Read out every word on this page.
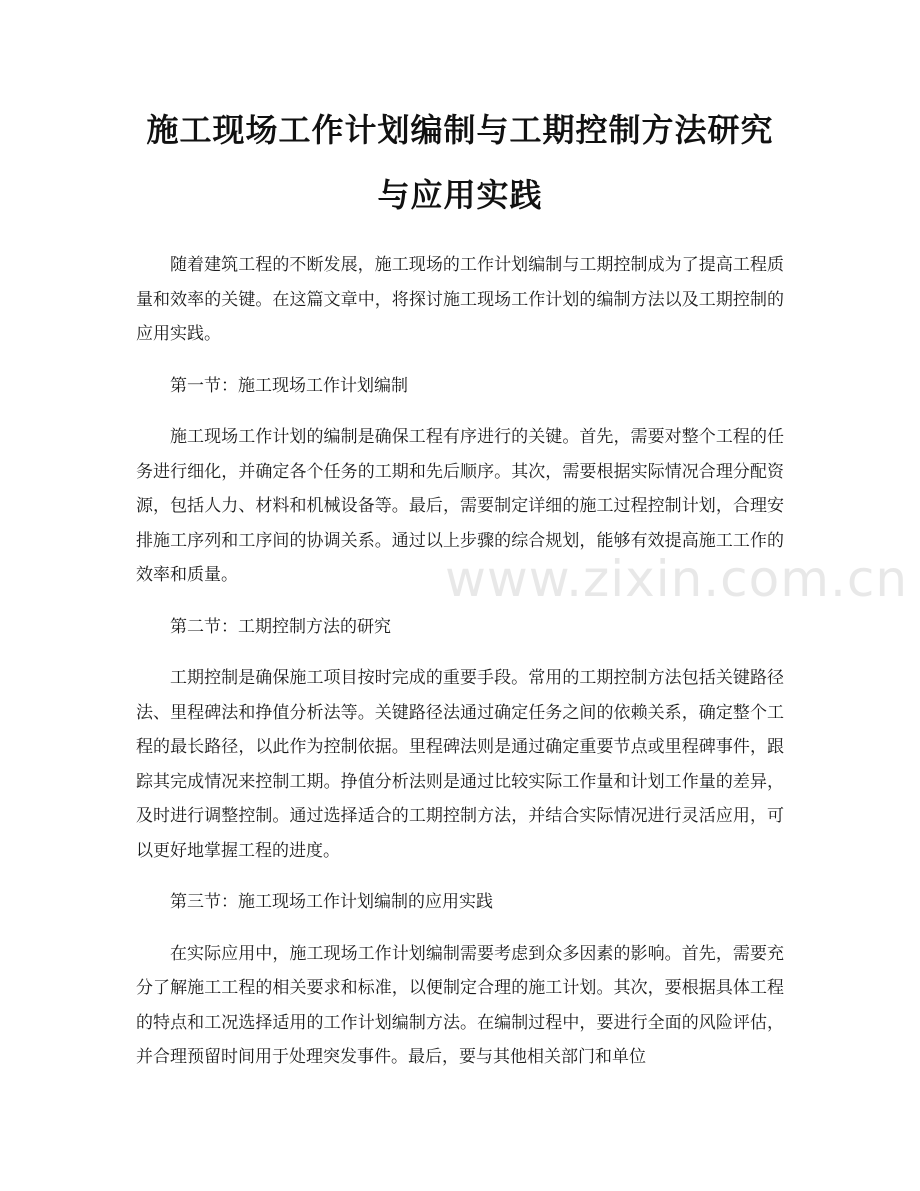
施工现场工作计划编制与工期控制方法研究
与应用实践

随着建筑工程的不断发展，施工现场的工作计划编制与工期控制成为了提高工程质量和效率的关键。在这篇文章中，将探讨施工现场工作计划的编制方法以及工期控制的应用实践。

第一节：施工现场工作计划编制

施工现场工作计划的编制是确保工程有序进行的关键。首先，需要对整个工程的任务进行细化，并确定各个任务的工期和先后顺序。其次，需要根据实际情况合理分配资源，包括人力、材料和机械设备等。最后，需要制定详细的施工过程控制计划，合理安排施工序列和工序间的协调关系。通过以上步骤的综合规划，能够有效提高施工工作的效率和质量。

第二节：工期控制方法的研究

工期控制是确保施工项目按时完成的重要手段。常用的工期控制方法包括关键路径法、里程碑法和挣值分析法等。关键路径法通过确定任务之间的依赖关系，确定整个工程的最长路径，以此作为控制依据。里程碑法则是通过确定重要节点或里程碑事件，跟踪其完成情况来控制工期。挣值分析法则是通过比较实际工作量和计划工作量的差异，及时进行调整控制。通过选择适合的工期控制方法，并结合实际情况进行灵活应用，可以更好地掌握工程的进度。

第三节：施工现场工作计划编制的应用实践

在实际应用中，施工现场工作计划编制需要考虑到众多因素的影响。首先，需要充分了解施工工程的相关要求和标准，以便制定合理的施工计划。其次，要根据具体工程的特点和工况选择适用的工作计划编制方法。在编制过程中，要进行全面的风险评估，并合理预留时间用于处理突发事件。最后，要与其他相关部门和单位

www.zixin.com.cn
